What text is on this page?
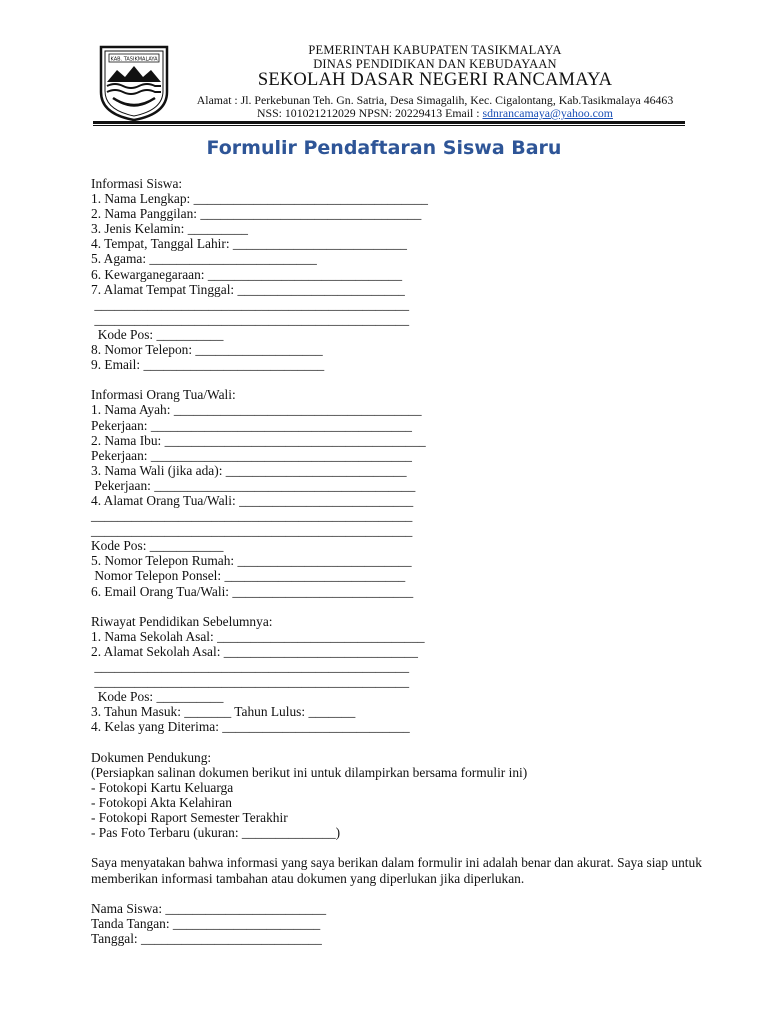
KAB. TASIKMALAYA
PEMERINTAH KABUPATEN TASIKMALAYA
DINAS PENDIDIKAN DAN KEBUDAYAAN
SEKOLAH DASAR NEGERI RANCAMAYA
Alamat : Jl. Perkebunan Teh. Gn. Satria, Desa Simagalih, Kec. Cigalontang, Kab.Tasikmalaya 46463
NSS: 101021212029 NPSN: 20229413 Email : sdnrancamaya@yahoo.com
Formulir Pendaftaran Siswa Baru
Informasi Siswa:
1. Nama Lengkap: ___________________________________
2. Nama Panggilan: _________________________________
3. Jenis Kelamin: _________
4. Tempat, Tanggal Lahir: __________________________
5. Agama: _________________________
6. Kewarganegaraan: _____________________________
7. Alamat Tempat Tinggal: _________________________
_______________________________________________
_______________________________________________
Kode Pos: __________
8. Nomor Telepon: ___________________
9. Email: ___________________________
Informasi Orang Tua/Wali:
1. Nama Ayah: _____________________________________
Pekerjaan: _______________________________________
2. Nama Ibu: _______________________________________
Pekerjaan: _______________________________________
3. Nama Wali (jika ada): ___________________________
Pekerjaan: _______________________________________
4. Alamat Orang Tua/Wali: __________________________
________________________________________________
________________________________________________
Kode Pos: ___________
5. Nomor Telepon Rumah: __________________________
Nomor Telepon Ponsel: ___________________________
6. Email Orang Tua/Wali: ___________________________
Riwayat Pendidikan Sebelumnya:
1. Nama Sekolah Asal: _______________________________
2. Alamat Sekolah Asal: _____________________________
_______________________________________________
_______________________________________________
Kode Pos: __________
3. Tahun Masuk: _______ Tahun Lulus: _______
4. Kelas yang Diterima: ____________________________
Dokumen Pendukung:
(Persiapkan salinan dokumen berikut ini untuk dilampirkan bersama formulir ini)
- Fotokopi Kartu Keluarga
- Fotokopi Akta Kelahiran
- Fotokopi Raport Semester Terakhir
- Pas Foto Terbaru (ukuran: ______________)
Saya menyatakan bahwa informasi yang saya berikan dalam formulir ini adalah benar dan akurat. Saya siap untuk memberikan informasi tambahan atau dokumen yang diperlukan jika diperlukan.
Nama Siswa: ________________________
Tanda Tangan: ______________________
Tanggal: ___________________________
